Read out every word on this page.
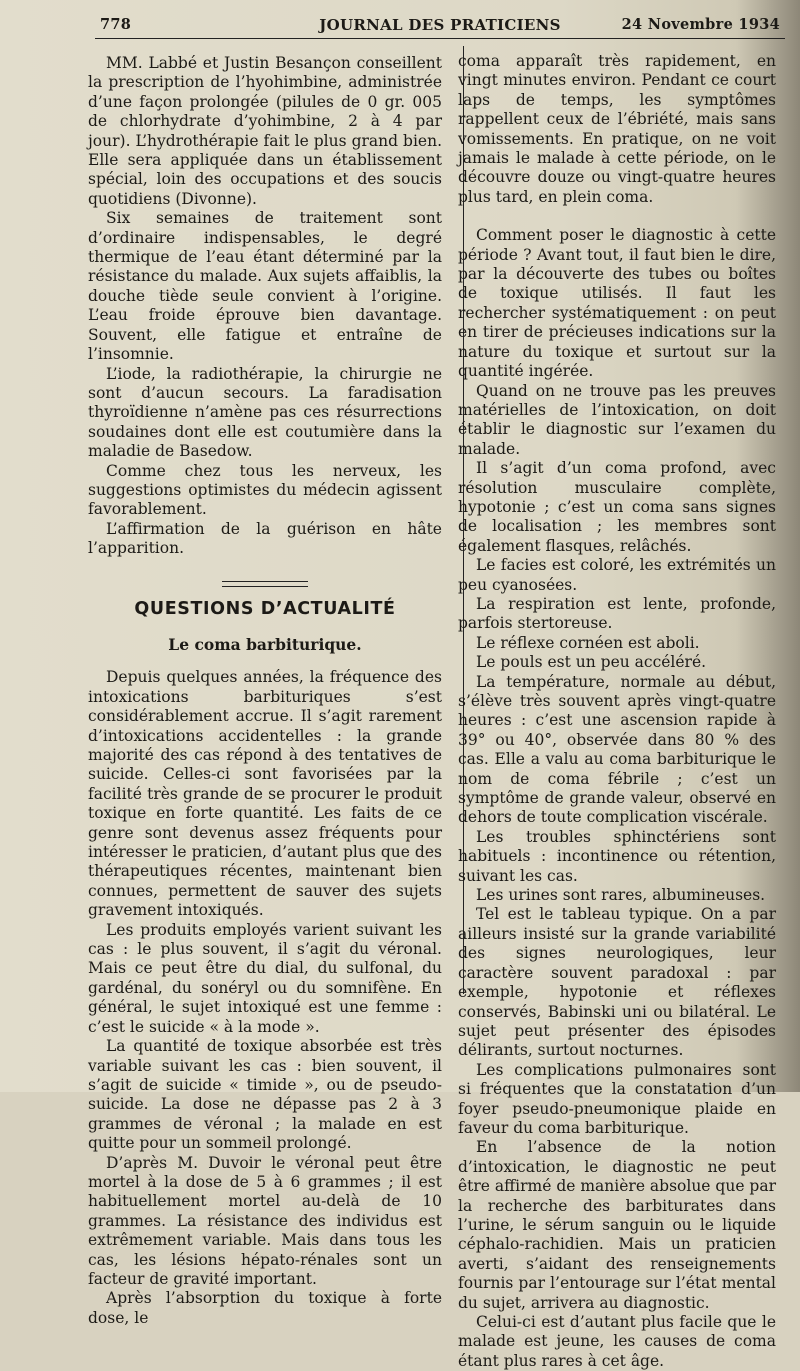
778	JOURNAL DES PRATICIENS	24 Novembre 1934

MM. Labbé et Justin Besançon conseillent la prescription de l’hyohimbine, administrée d’une façon prolongée (pilules de 0 gr. 005 de chlorhydrate d’yohimbine, 2 à 4 par jour). L’hydrothérapie fait le plus grand bien. Elle sera appliquée dans un établissement spécial, loin des occupations et des soucis quotidiens (Divonne).

Six semaines de traitement sont d’ordinaire indispensables, le degré thermique de l’eau étant déterminé par la résistance du malade. Aux sujets affaiblis, la douche tiède seule convient à l’origine. L’eau froide éprouve bien davantage. Souvent, elle fatigue et entraîne de l’insomnie.

L’iode, la radiothérapie, la chirurgie ne sont d’aucun secours. La faradisation thyroïdienne n’amène pas ces résurrections soudaines dont elle est coutumière dans la maladie de Basedow.

Comme chez tous les nerveux, les suggestions optimistes du médecin agissent favorablement.

L’affirmation de la guérison en hâte l’apparition.

QUESTIONS D’ACTUALITÉ
Le coma barbiturique.

Depuis quelques années, la fréquence des intoxications barbituriques s’est considérablement accrue. Il s’agit rarement d’intoxications accidentelles : la grande majorité des cas répond à des tentatives de suicide. Celles-ci sont favorisées par la facilité très grande de se procurer le produit toxique en forte quantité. Les faits de ce genre sont devenus assez fréquents pour intéresser le praticien, d’autant plus que des thérapeutiques récentes, maintenant bien connues, permettent de sauver des sujets gravement intoxiqués.

Les produits employés varient suivant les cas : le plus souvent, il s’agit du véronal. Mais ce peut être du dial, du sulfonal, du gardénal, du sonéryl ou du somnifène. En général, le sujet intoxiqué est une femme : c’est le suicide « à la mode ».

La quantité de toxique absorbée est très variable suivant les cas : bien souvent, il s’agit de suicide « timide », ou de pseudo-suicide. La dose ne dépasse pas 2 à 3 grammes de véronal ; la malade en est quitte pour un sommeil prolongé.

D’après M. Duvoir le véronal peut être mortel à la dose de 5 à 6 grammes ; il est habituellement mortel au-delà de 10 grammes. La résistance des individus est extrêmement variable. Mais dans tous les cas, les lésions hépato-rénales sont un facteur de gravité important.

Après l’absorption du toxique à forte dose, le

coma apparaît très rapidement, en vingt minutes environ. Pendant ce court laps de temps, les symptômes rappellent ceux de l’ébriété, mais sans vomissements. En pratique, on ne voit jamais le malade à cette période, on le découvre douze ou vingt-quatre heures plus tard, en plein coma.

Comment poser le diagnostic à cette période ? Avant tout, il faut bien le dire, par la découverte des tubes ou boîtes de toxique utilisés. Il faut les rechercher systématiquement : on peut en tirer de précieuses indications sur la nature du toxique et surtout sur la quantité ingérée.

Quand on ne trouve pas les preuves matérielles de l’intoxication, on doit établir le diagnostic sur l’examen du malade.

Il s’agit d’un coma profond, avec résolution musculaire complète, hypotonie ; c’est un coma sans signes de localisation ; les membres sont également flasques, relâchés.

Le facies est coloré, les extrémités un peu cyanosées.

La respiration est lente, profonde, parfois stertoreuse.

Le réflexe cornéen est aboli.

Le pouls est un peu accéléré.

La température, normale au début, s’élève très souvent après vingt-quatre heures : c’est une ascension rapide à 39° ou 40°, observée dans 80 % des cas. Elle a valu au coma barbiturique le nom de coma fébrile ; c’est un symptôme de grande valeur, observé en dehors de toute complication viscérale.

Les troubles sphinctériens sont habituels : incontinence ou rétention, suivant les cas.

Les urines sont rares, albumineuses.

Tel est le tableau typique. On a par ailleurs insisté sur la grande variabilité des signes neurologiques, leur caractère souvent paradoxal : par exemple, hypotonie et réflexes conservés, Babinski uni ou bilatéral. Le sujet peut présenter des épisodes délirants, surtout nocturnes.

Les complications pulmonaires sont si fréquentes que la constatation d’un foyer pseudo-pneumonique plaide en faveur du coma barbiturique.

En l’absence de la notion d’intoxication, le diagnostic ne peut être affirmé de manière absolue que par la recherche des barbiturates dans l’urine, le sérum sanguin ou le liquide céphalo-rachidien. Mais un praticien averti, s’aidant des renseignements fournis par l’entourage sur l’état mental du sujet, arrivera au diagnostic.

Celui-ci est d’autant plus facile que le malade est jeune, les causes de coma étant plus rares à cet âge.
